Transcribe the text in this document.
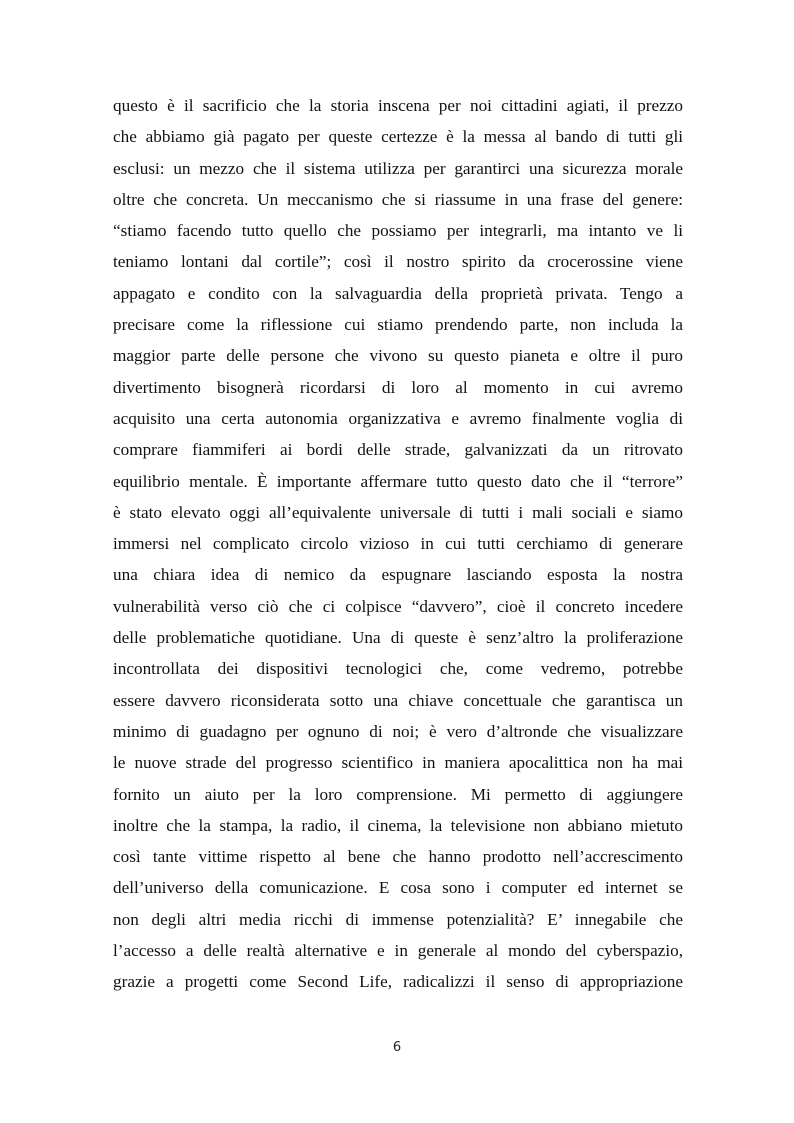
questo è il sacrificio che la storia inscena per noi cittadini agiati, il prezzo
che abbiamo già pagato per queste certezze è la messa al bando di tutti gli
esclusi: un mezzo che il sistema utilizza per garantirci una sicurezza morale
oltre che concreta. Un meccanismo che si riassume in una frase del genere:
“stiamo facendo tutto quello che possiamo per integrarli, ma intanto ve li
teniamo lontani dal cortile”; così il nostro spirito da crocerossine viene
appagato e condito con la salvaguardia della proprietà privata. Tengo a
precisare come la riflessione cui stiamo prendendo parte, non includa la
maggior parte delle persone che vivono su questo pianeta e oltre il puro
divertimento bisognerà ricordarsi di loro al momento in cui avremo
acquisito una certa autonomia organizzativa e avremo finalmente voglia di
comprare fiammiferi ai bordi delle strade, galvanizzati da un ritrovato
equilibrio mentale. È importante affermare tutto questo dato che il “terrore”
è stato elevato oggi all’equivalente universale di tutti i mali sociali e siamo
immersi nel complicato circolo vizioso in cui tutti cerchiamo di generare
una chiara idea di nemico da espugnare lasciando esposta la nostra
vulnerabilità verso ciò che ci colpisce “davvero”, cioè il concreto incedere
delle problematiche quotidiane. Una di queste è senz’altro la proliferazione
incontrollata dei dispositivi tecnologici che, come vedremo, potrebbe
essere davvero riconsiderata sotto una chiave concettuale che garantisca un
minimo di guadagno per ognuno di noi; è vero d’altronde che visualizzare
le nuove strade del progresso scientifico in maniera apocalittica non ha mai
fornito un aiuto per la loro comprensione. Mi permetto di aggiungere
inoltre che la stampa, la radio, il cinema, la televisione non abbiano mietuto
così tante vittime rispetto al bene che hanno prodotto nell’accrescimento
dell’universo della comunicazione. E cosa sono i computer ed internet se
non degli altri media ricchi di immense potenzialità? E’ innegabile che
l’accesso a delle realtà alternative e in generale al mondo del cyberspazio,
grazie a progetti come Second Life, radicalizzi il senso di appropriazione
6
